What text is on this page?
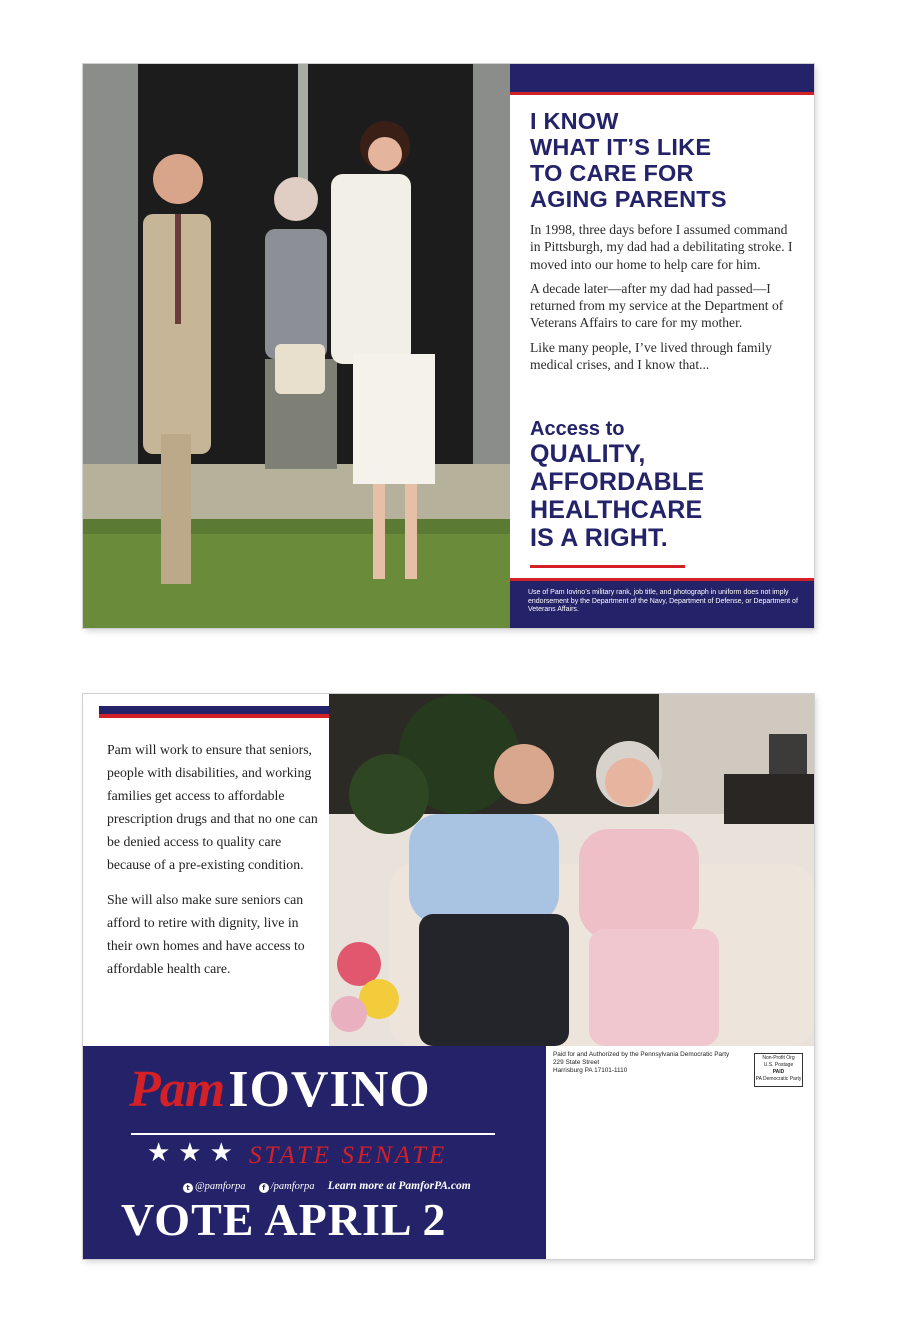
I KNOW
WHAT IT’S LIKE
TO CARE FOR
AGING PARENTS

In 1998, three days before I assumed command in Pittsburgh, my dad had a debilitating stroke. I moved into our home to help care for him.

A decade later—after my dad had passed—I returned from my service at the Department of Veterans Affairs to care for my mother.

Like many people, I’ve lived through family medical crises, and I know that...

Access to
QUALITY,
AFFORDABLE
HEALTHCARE
IS A RIGHT.
Use of Pam Iovino’s military rank, job title, and photograph in uniform does not imply endorsement by the Department of the Navy, Department of Defense, or Department of Veterans Affairs.

Pam will work to ensure that seniors, people with disabilities, and working families get access to affordable prescription drugs and that no one can be denied access to quality care because of a pre-existing condition.

She will also make sure seniors can afford to retire with dignity, live in their own homes and have access to affordable health care.

PamIOVINO
★★★ STATE SENATE
t @pamforpa f /pamforpa Learn more at PamforPA.com
VOTE APRIL 2
Paid for and Authorized by the Pennsylvania Democratic Party
229 State Street
Harrisburg PA 17101-1110
Non-Profit Org
U.S. Postage
PAID
PA Democratic Party
